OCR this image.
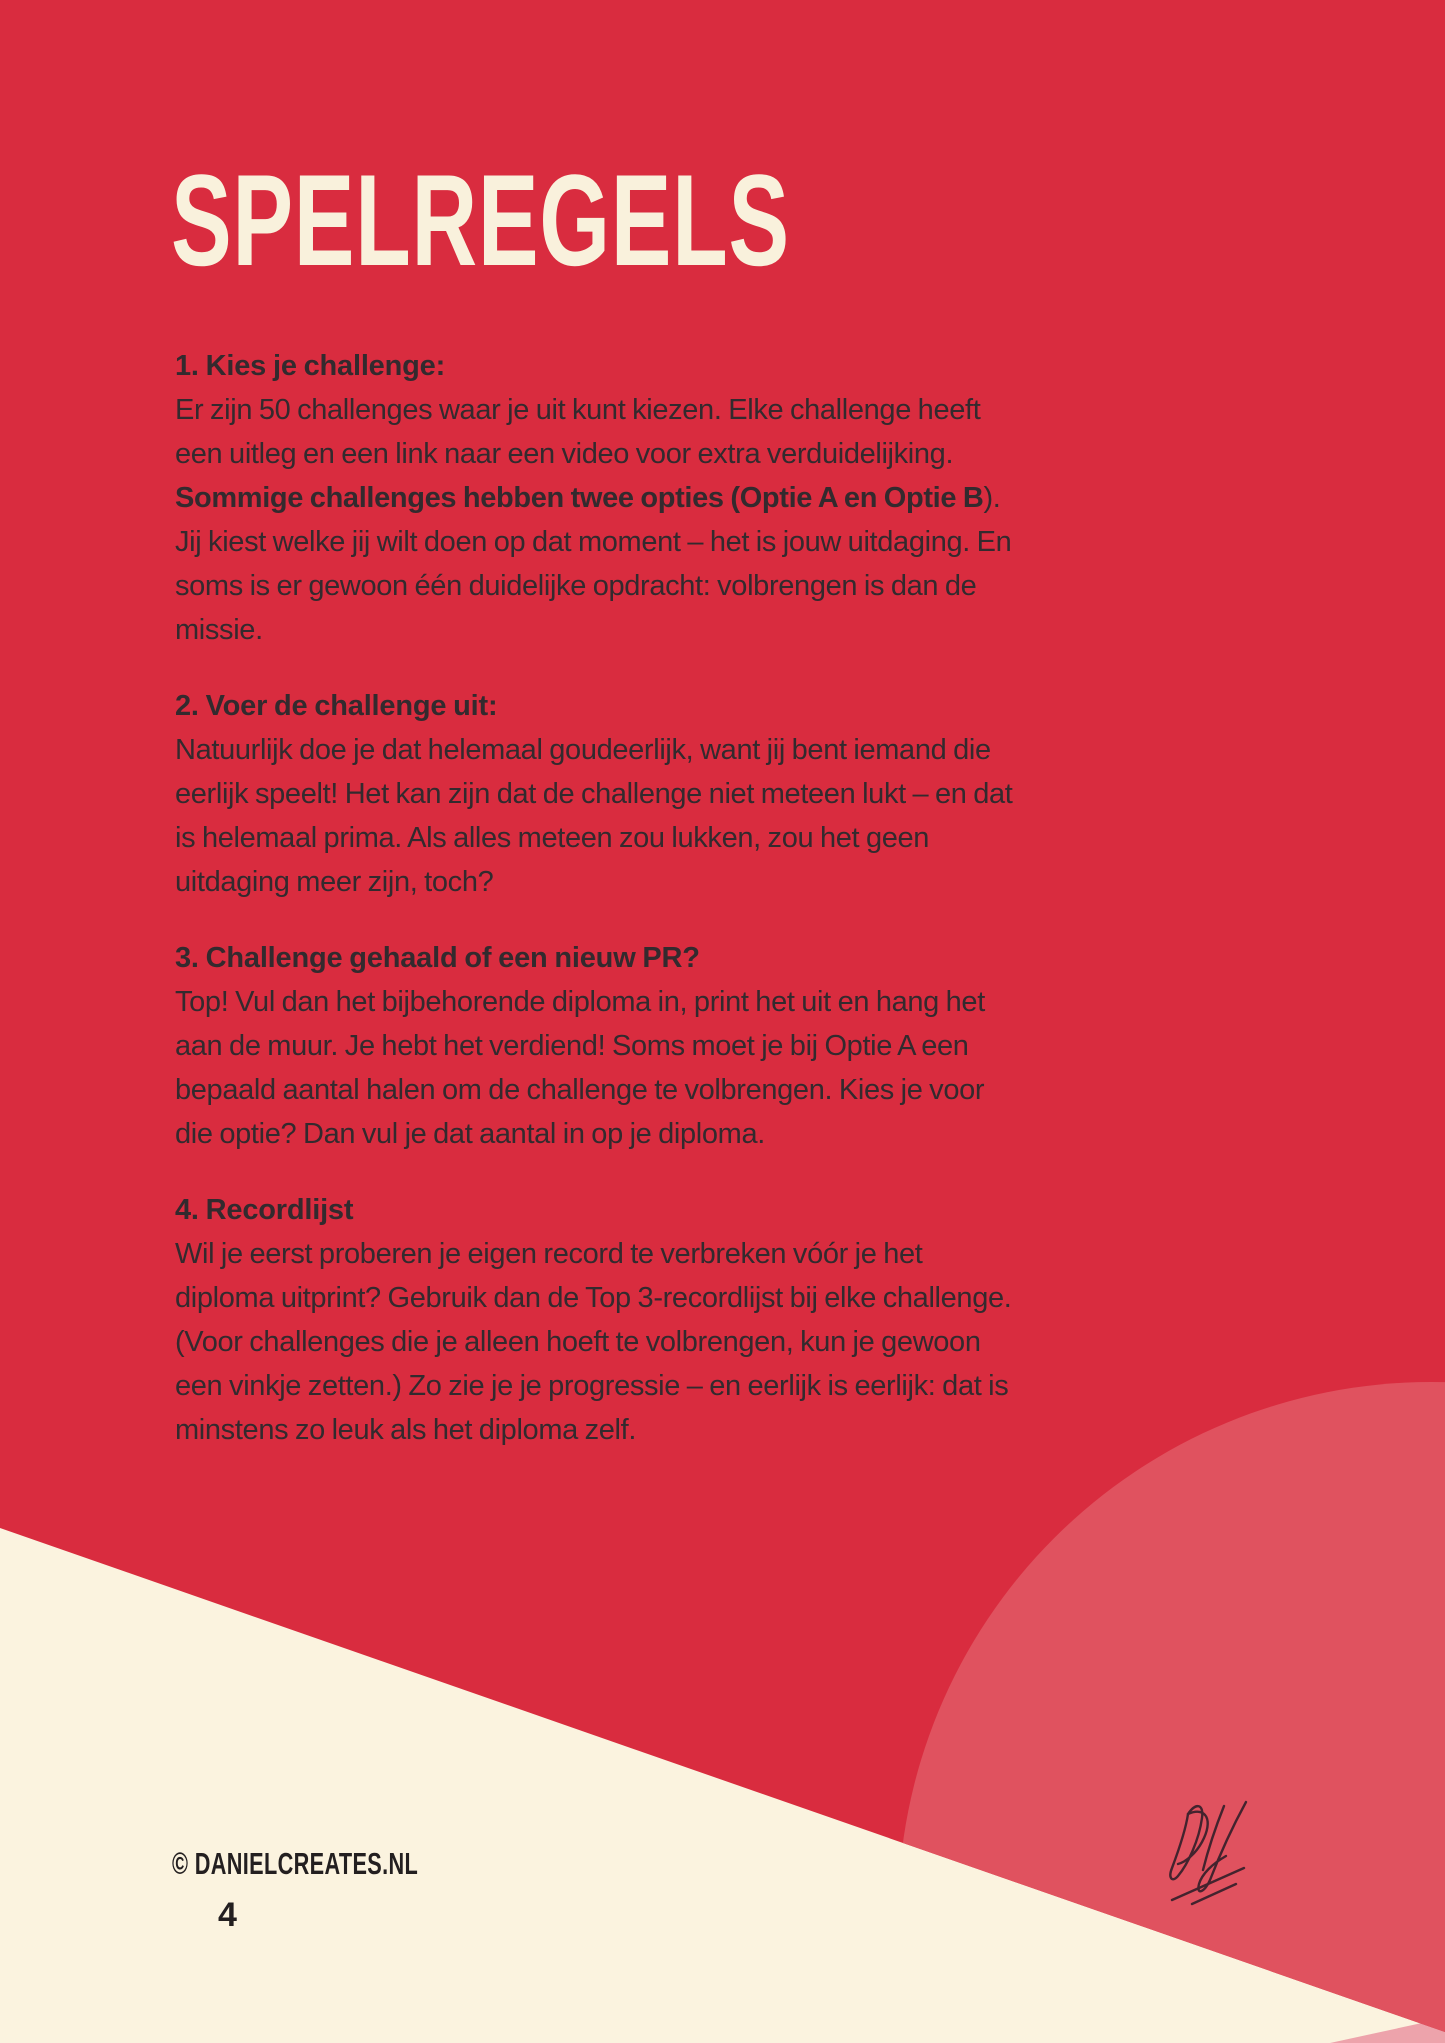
SPELREGELS
1. Kies je challenge:

Er zijn 50 challenges waar je uit kunt kiezen. Elke challenge heeft een uitleg en een link naar een video voor extra verduidelijking. Sommige challenges hebben twee opties (Optie A en Optie B). Jij kiest welke jij wilt doen op dat moment – het is jouw uitdaging. En soms is er gewoon één duidelijke opdracht: volbrengen is dan de missie.

2. Voer de challenge uit:

Natuurlijk doe je dat helemaal goudeerlijk, want jij bent iemand die eerlijk speelt! Het kan zijn dat de challenge niet meteen lukt – en dat is helemaal prima. Als alles meteen zou lukken, zou het geen uitdaging meer zijn, toch?

3. Challenge gehaald of een nieuw PR?

Top! Vul dan het bijbehorende diploma in, print het uit en hang het aan de muur. Je hebt het verdiend! Soms moet je bij Optie A een bepaald aantal halen om de challenge te volbrengen. Kies je voor die optie? Dan vul je dat aantal in op je diploma.

4. Recordlijst

Wil je eerst proberen je eigen record te verbreken vóór je het diploma uitprint? Gebruik dan de Top 3-recordlijst bij elke challenge. (Voor challenges die je alleen hoeft te volbrengen, kun je gewoon een vinkje zetten.) Zo zie je je progressie – en eerlijk is eerlijk: dat is minstens zo leuk als het diploma zelf.

© DANIELCREATES.NL
4
